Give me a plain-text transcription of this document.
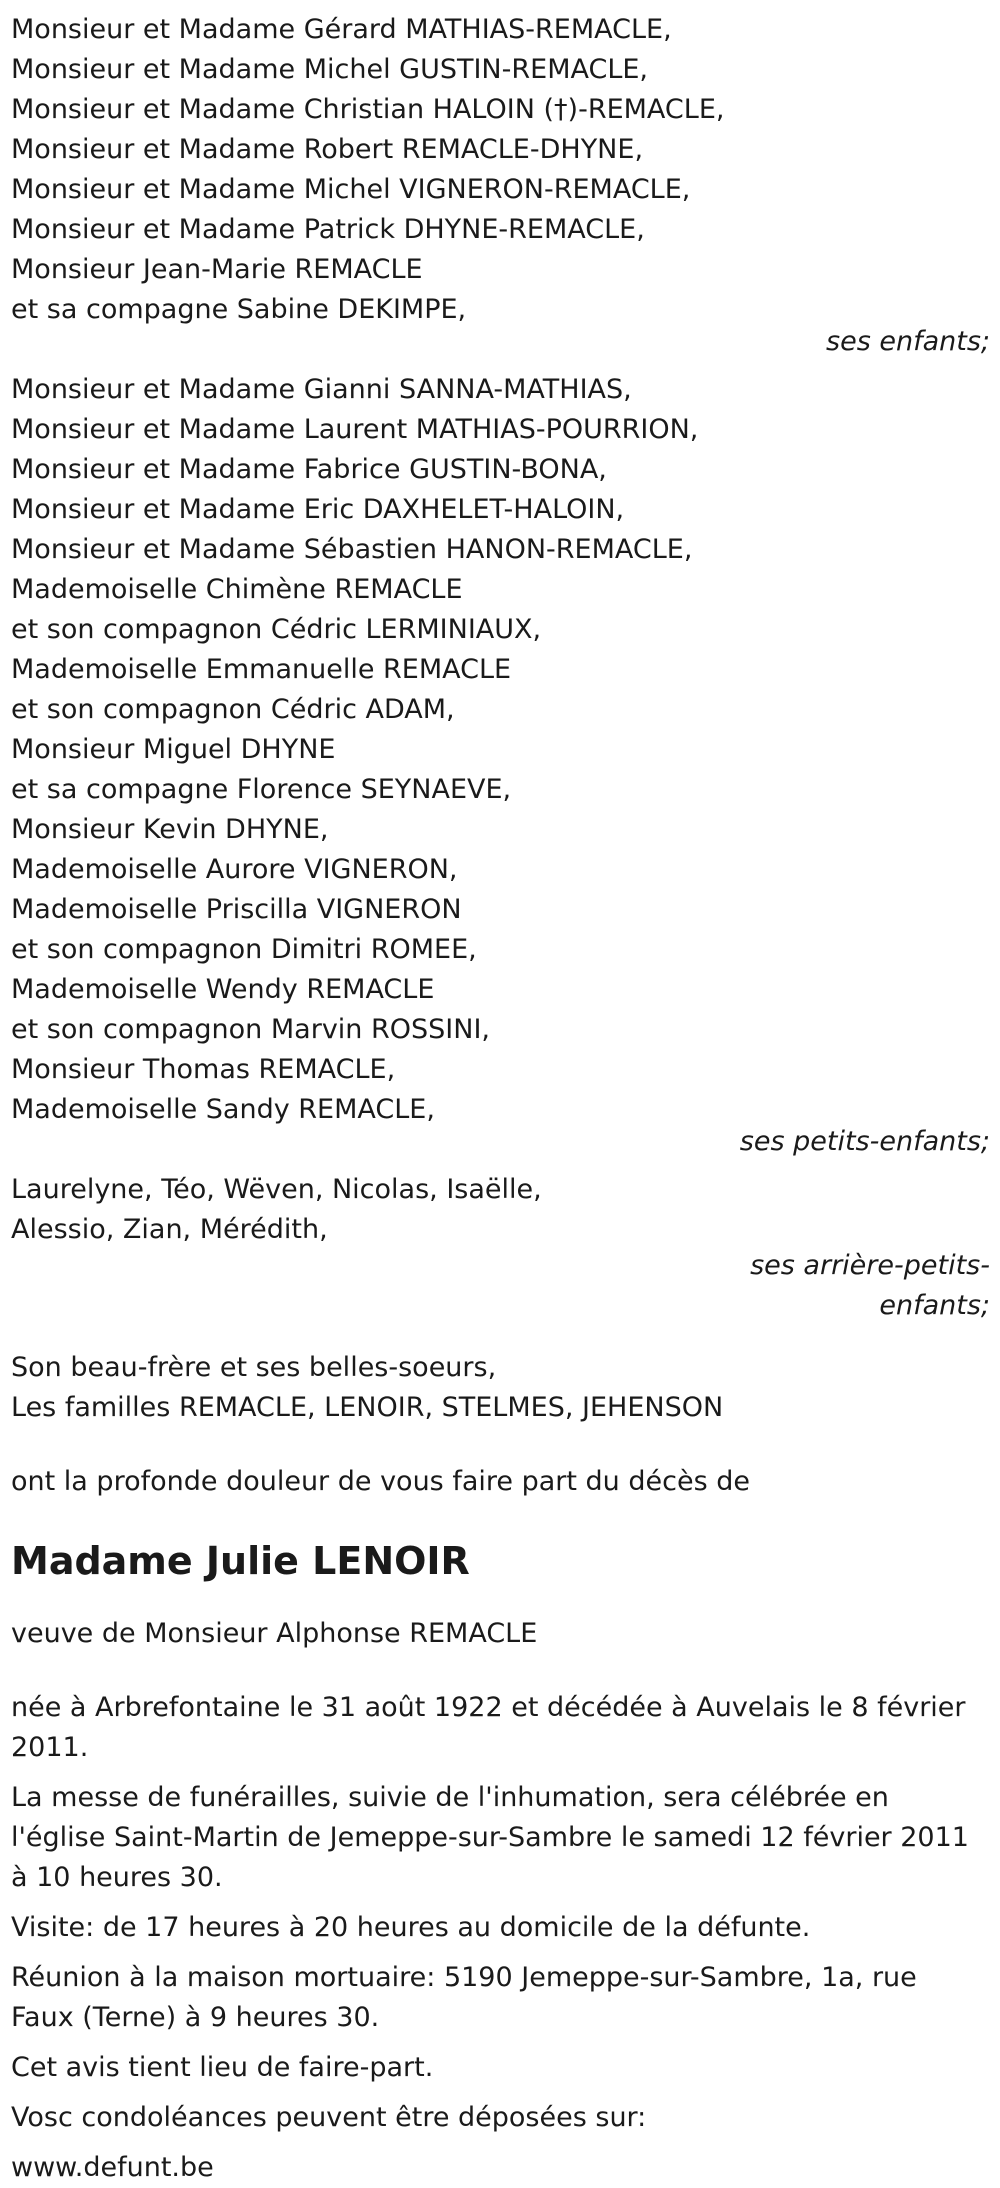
Monsieur et Madame Gérard MATHIAS-REMACLE,
Monsieur et Madame Michel GUSTIN-REMACLE,
Monsieur et Madame Christian HALOIN (†)-REMACLE,
Monsieur et Madame Robert REMACLE-DHYNE,
Monsieur et Madame Michel VIGNERON-REMACLE,
Monsieur et Madame Patrick DHYNE-REMACLE,
Monsieur Jean-Marie REMACLE
et sa compagne Sabine DEKIMPE,
ses enfants;
Monsieur et Madame Gianni SANNA-MATHIAS,
Monsieur et Madame Laurent MATHIAS-POURRION,
Monsieur et Madame Fabrice GUSTIN-BONA,
Monsieur et Madame Eric DAXHELET-HALOIN,
Monsieur et Madame Sébastien HANON-REMACLE,
Mademoiselle Chimène REMACLE
et son compagnon Cédric LERMINIAUX,
Mademoiselle Emmanuelle REMACLE
et son compagnon Cédric ADAM,
Monsieur Miguel DHYNE
et sa compagne Florence SEYNAEVE,
Monsieur Kevin DHYNE,
Mademoiselle Aurore VIGNERON,
Mademoiselle Priscilla VIGNERON
et son compagnon Dimitri ROMEE,
Mademoiselle Wendy REMACLE
et son compagnon Marvin ROSSINI,
Monsieur Thomas REMACLE,
Mademoiselle Sandy REMACLE,
ses petits-enfants;
Laurelyne, Téo, Wëven, Nicolas, Isaëlle,
Alessio, Zian, Mérédith,
ses arrière-petits-enfants;
Son beau-frère et ses belles-soeurs,
Les familles REMACLE, LENOIR, STELMES, JEHENSON
ont la profonde douleur de vous faire part du décès de
Madame Julie LENOIR
veuve de Monsieur Alphonse REMACLE

née à Arbrefontaine le 31 août 1922 et décédée à Auvelais le 8 février 2011.

La messe de funérailles, suivie de l'inhumation, sera célébrée en l'église Saint-Martin de Jemeppe-sur-Sambre le samedi 12 février 2011 à 10 heures 30.

Visite: de 17 heures à 20 heures au domicile de la défunte.

Réunion à la maison mortuaire: 5190 Jemeppe-sur-Sambre, 1a, rue Faux (Terne) à 9 heures 30.

Cet avis tient lieu de faire-part.

Vosc condoléances peuvent être déposées sur:

www.defunt.be
